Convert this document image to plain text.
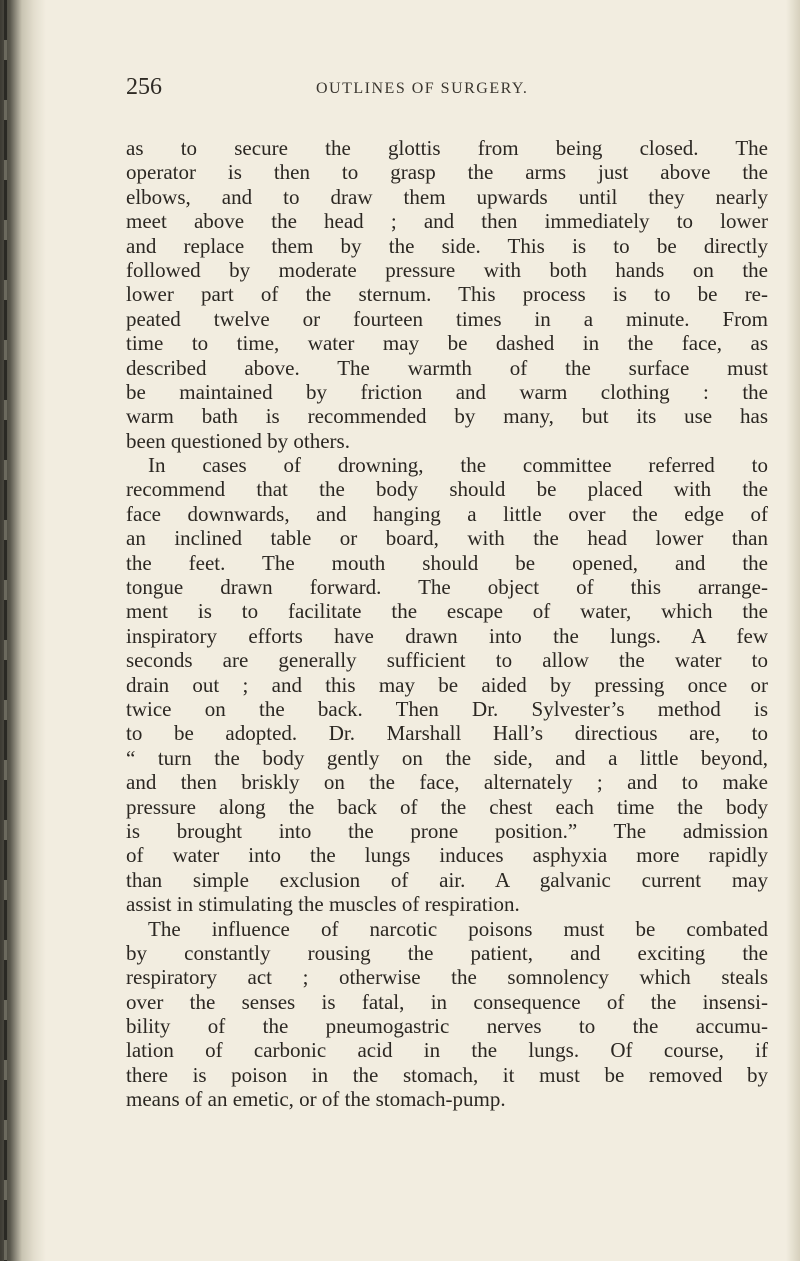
256	OUTLINES OF SURGERY.
as to secure the glottis from being closed. The
operator is then to grasp the arms just above the
elbows, and to draw them upwards until they nearly
meet above the head ; and then immediately to lower
and replace them by the side. This is to be directly
followed by moderate pressure with both hands on the
lower part of the sternum. This process is to be re-
peated twelve or fourteen times in a minute. From
time to time, water may be dashed in the face, as
described above. The warmth of the surface must
be maintained by friction and warm clothing : the
warm bath is recommended by many, but its use has
been questioned by others.
In cases of drowning, the committee referred to
recommend that the body should be placed with the
face downwards, and hanging a little over the edge of
an inclined table or board, with the head lower than
the feet. The mouth should be opened, and the
tongue drawn forward. The object of this arrange-
ment is to facilitate the escape of water, which the
inspiratory efforts have drawn into the lungs. A few
seconds are generally sufficient to allow the water to
drain out ; and this may be aided by pressing once or
twice on the back. Then Dr. Sylvester’s method is
to be adopted. Dr. Marshall Hall’s directious are, to
“ turn the body gently on the side, and a little beyond,
and then briskly on the face, alternately ; and to make
pressure along the back of the chest each time the body
is brought into the prone position.” The admission
of water into the lungs induces asphyxia more rapidly
than simple exclusion of air. A galvanic current may
assist in stimulating the muscles of respiration.
The influence of narcotic poisons must be combated
by constantly rousing the patient, and exciting the
respiratory act ; otherwise the somnolency which steals
over the senses is fatal, in consequence of the insensi-
bility of the pneumogastric nerves to the accumu-
lation of carbonic acid in the lungs. Of course, if
there is poison in the stomach, it must be removed by
means of an emetic, or of the stomach-pump.
